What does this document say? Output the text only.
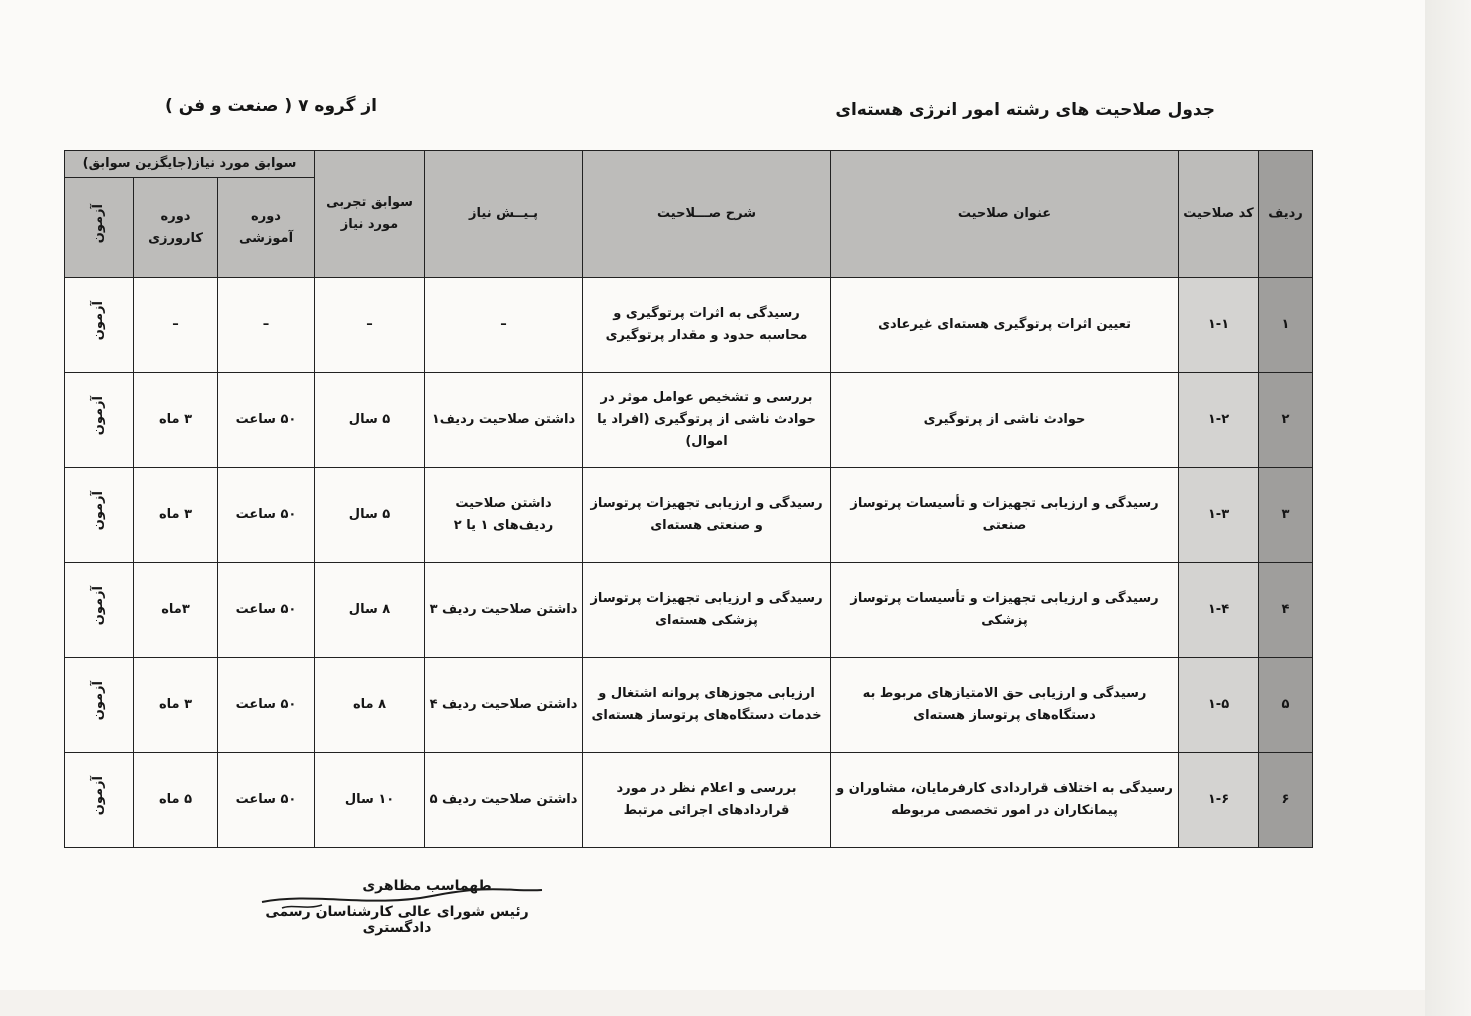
جدول صلاحیت های رشته امور انرژی هسته‌ای
از گروه ۷ ( صنعت و فن )
ردیف	کد صلاحیت	عنوان صلاحیت	شرح صـــلاحیت	پـیــش نیاز	سوابق تجربی مورد نیاز	سوابق مورد نیاز(جایگزین سوابق)		
						دوره آموزشی	دوره کارورزی	آزمون
۱	۱-۱	تعیین اثرات پرتوگیری هسته‌ای غیرعادی	رسیدگی به اثرات پرتوگیری و محاسبه حدود و مقدار پرتوگیری	–	–	–	–	آزمون
۲	۱-۲	حوادث ناشی از پرتوگیری	بررسی و تشخیص عوامل موثر در حوادث ناشی از پرتوگیری (افراد یا اموال)	داشتن صلاحیت ردیف۱	۵ سال	۵۰ ساعت	۳ ماه	آزمون
۳	۱-۳	رسیدگی و ارزیابی تجهیزات و تأسیسات پرتوساز صنعتی	رسیدگی و ارزیابی تجهیزات پرتوساز و صنعتی هسته‌ای	داشتن صلاحیت ردیف‌های ۱ یا ۲	۵ سال	۵۰ ساعت	۳ ماه	آزمون
۴	۱-۴	رسیدگی و ارزیابی تجهیزات و تأسیسات پرتوساز پزشکی	رسیدگی و ارزیابی تجهیزات پرتوساز پزشکی هسته‌ای	داشتن صلاحیت ردیف ۳	۸ سال	۵۰ ساعت	۳ماه	آزمون
۵	۱-۵	رسیدگی و ارزیابی حق الامتیازهای مربوط به دستگاه‌های پرتوساز هسته‌ای	ارزیابی مجوزهای پروانه اشتغال و خدمات دستگاه‌های پرتوساز هسته‌ای	داشتن صلاحیت ردیف ۴	۸ ماه	۵۰ ساعت	۳ ماه	آزمون
۶	۱-۶	رسیدگی به اختلاف قراردادی کارفرمایان، مشاوران و پیمانکاران در امور تخصصی مربوطه	بررسی و اعلام نظر در مورد قراردادهای اجرائی مرتبط	داشتن صلاحیت ردیف ۵	۱۰ سال	۵۰ ساعت	۵ ماه	آزمون
طهماسب مظاهری
رئیس شورای عالی کارشناسان رسمی دادگستری
